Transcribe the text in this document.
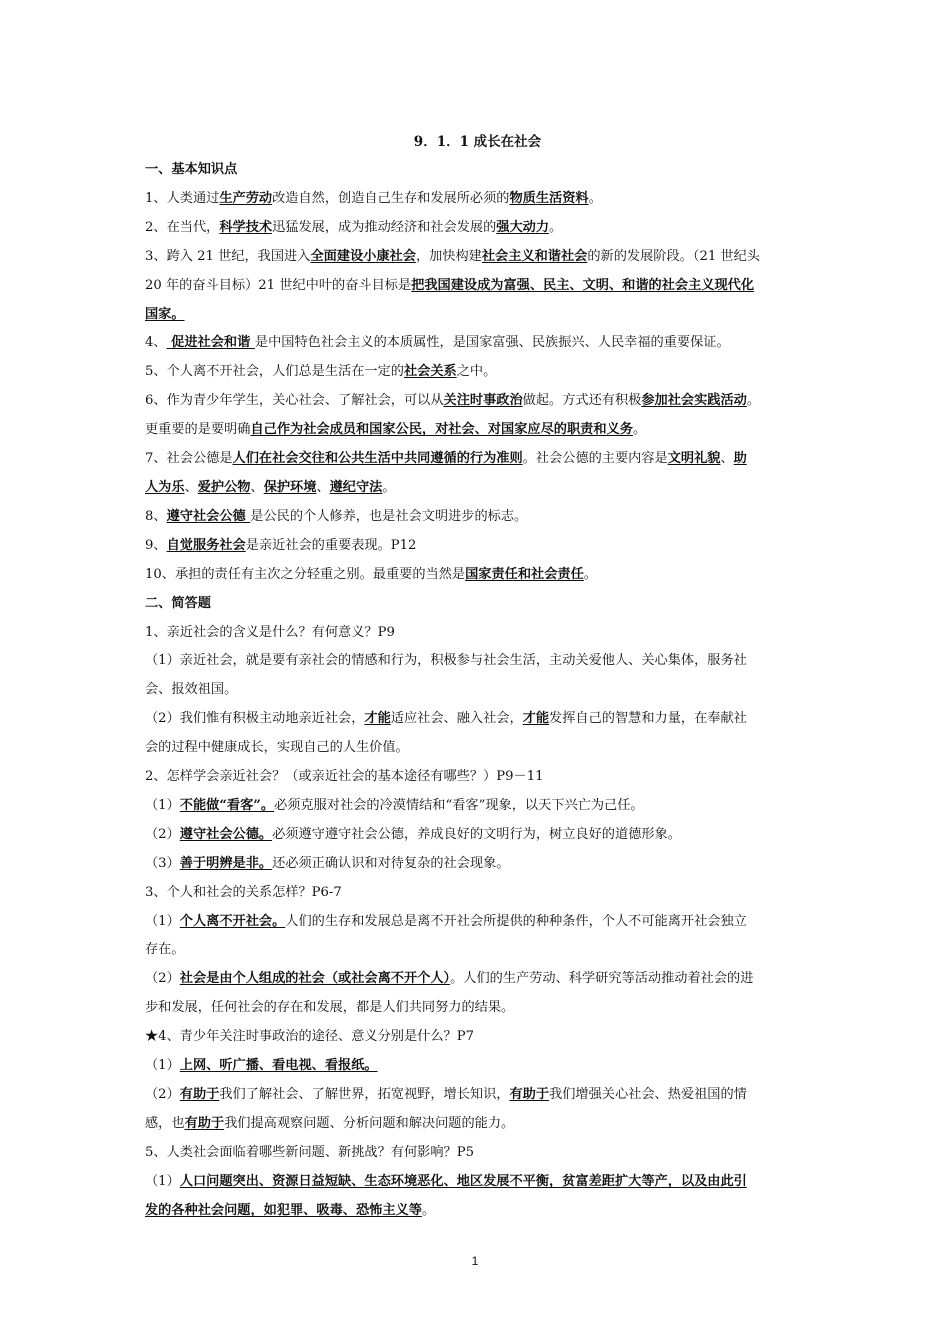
9．1．1 成长在社会
一、基本知识点
1、人类通过生产劳动改造自然，创造自己生存和发展所必须的物质生活资料。
2、在当代，科学技术迅猛发展，成为推动经济和社会发展的强大动力。
3、跨入 21 世纪，我国进入全面建设小康社会，加快构建社会主义和谐社会的新的发展阶段。（21 世纪头
20 年的奋斗目标）21 世纪中叶的奋斗目标是把我国建设成为富强、民主、文明、和谐的社会主义现代化
国家。
4、 促进社会和谐 是中国特色社会主义的本质属性，是国家富强、民族振兴、人民幸福的重要保证。
5、个人离不开社会，人们总是生活在一定的社会关系之中。
6、作为青少年学生，关心社会、了解社会，可以从关注时事政治做起。方式还有积极参加社会实践活动。
更重要的是要明确自己作为社会成员和国家公民，对社会、对国家应尽的职责和义务。
7、社会公德是人们在社会交往和公共生活中共同遵循的行为准则。社会公德的主要内容是文明礼貌、助
人为乐、爱护公物、保护环境、遵纪守法。
8、遵守社会公德 是公民的个人修养，也是社会文明进步的标志。
9、自觉服务社会是亲近社会的重要表现。P12
10、承担的责任有主次之分轻重之别。最重要的当然是国家责任和社会责任。
二、简答题
1、亲近社会的含义是什么？有何意义？P9
（1）亲近社会，就是要有亲社会的情感和行为，积极参与社会生活，主动关爱他人、关心集体，服务社
会、报效祖国。
（2）我们惟有积极主动地亲近社会，才能适应社会、融入社会，才能发挥自己的智慧和力量，在奉献社
会的过程中健康成长，实现自己的人生价值。
2、怎样学会亲近社会？（或亲近社会的基本途径有哪些？）P9－11
（1）不能做“看客”。必须克服对社会的冷漠情结和“看客”现象，以天下兴亡为己任。
（2）遵守社会公德。必须遵守遵守社会公德，养成良好的文明行为，树立良好的道德形象。
（3）善于明辨是非。还必须正确认识和对待复杂的社会现象。
3、个人和社会的关系怎样？P6-7
（1）个人离不开社会。人们的生存和发展总是离不开社会所提供的种种条件，个人不可能离开社会独立
存在。
（2）社会是由个人组成的社会（或社会离不开个人）。人们的生产劳动、科学研究等活动推动着社会的进
步和发展，任何社会的存在和发展，都是人们共同努力的结果。
★4、青少年关注时事政治的途径、意义分别是什么？P7
（1）上网、听广播、看电视、看报纸。
（2）有助于我们了解社会、了解世界，拓宽视野，增长知识，有助于我们增强关心社会、热爱祖国的情
感，也有助于我们提高观察问题、分析问题和解决问题的能力。
5、人类社会面临着哪些新问题、新挑战？有何影响？P5
（1）人口问题突出、资源日益短缺、生态环境恶化、地区发展不平衡，贫富差距扩大等产，以及由此引
发的各种社会问题，如犯罪、吸毒、恐怖主义等。
1
